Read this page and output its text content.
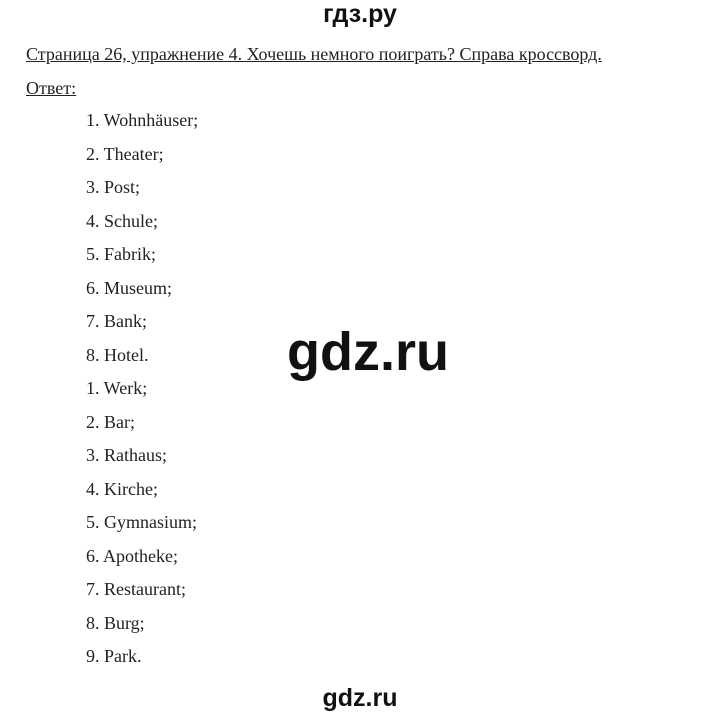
гдз.ру
Страница 26, упражнение 4. Хочешь немного поиграть? Справа кроссворд.
Ответ:
1. Wohnhäuser;
2. Theater;
3. Post;
4. Schule;
5. Fabrik;
6. Museum;
7. Bank;
8. Hotel.
1. Werk;
2. Bar;
3. Rathaus;
4. Kirche;
5. Gymnasium;
6. Apotheke;
7. Restaurant;
8. Burg;
9. Park.
gdz.ru
gdz.ru
